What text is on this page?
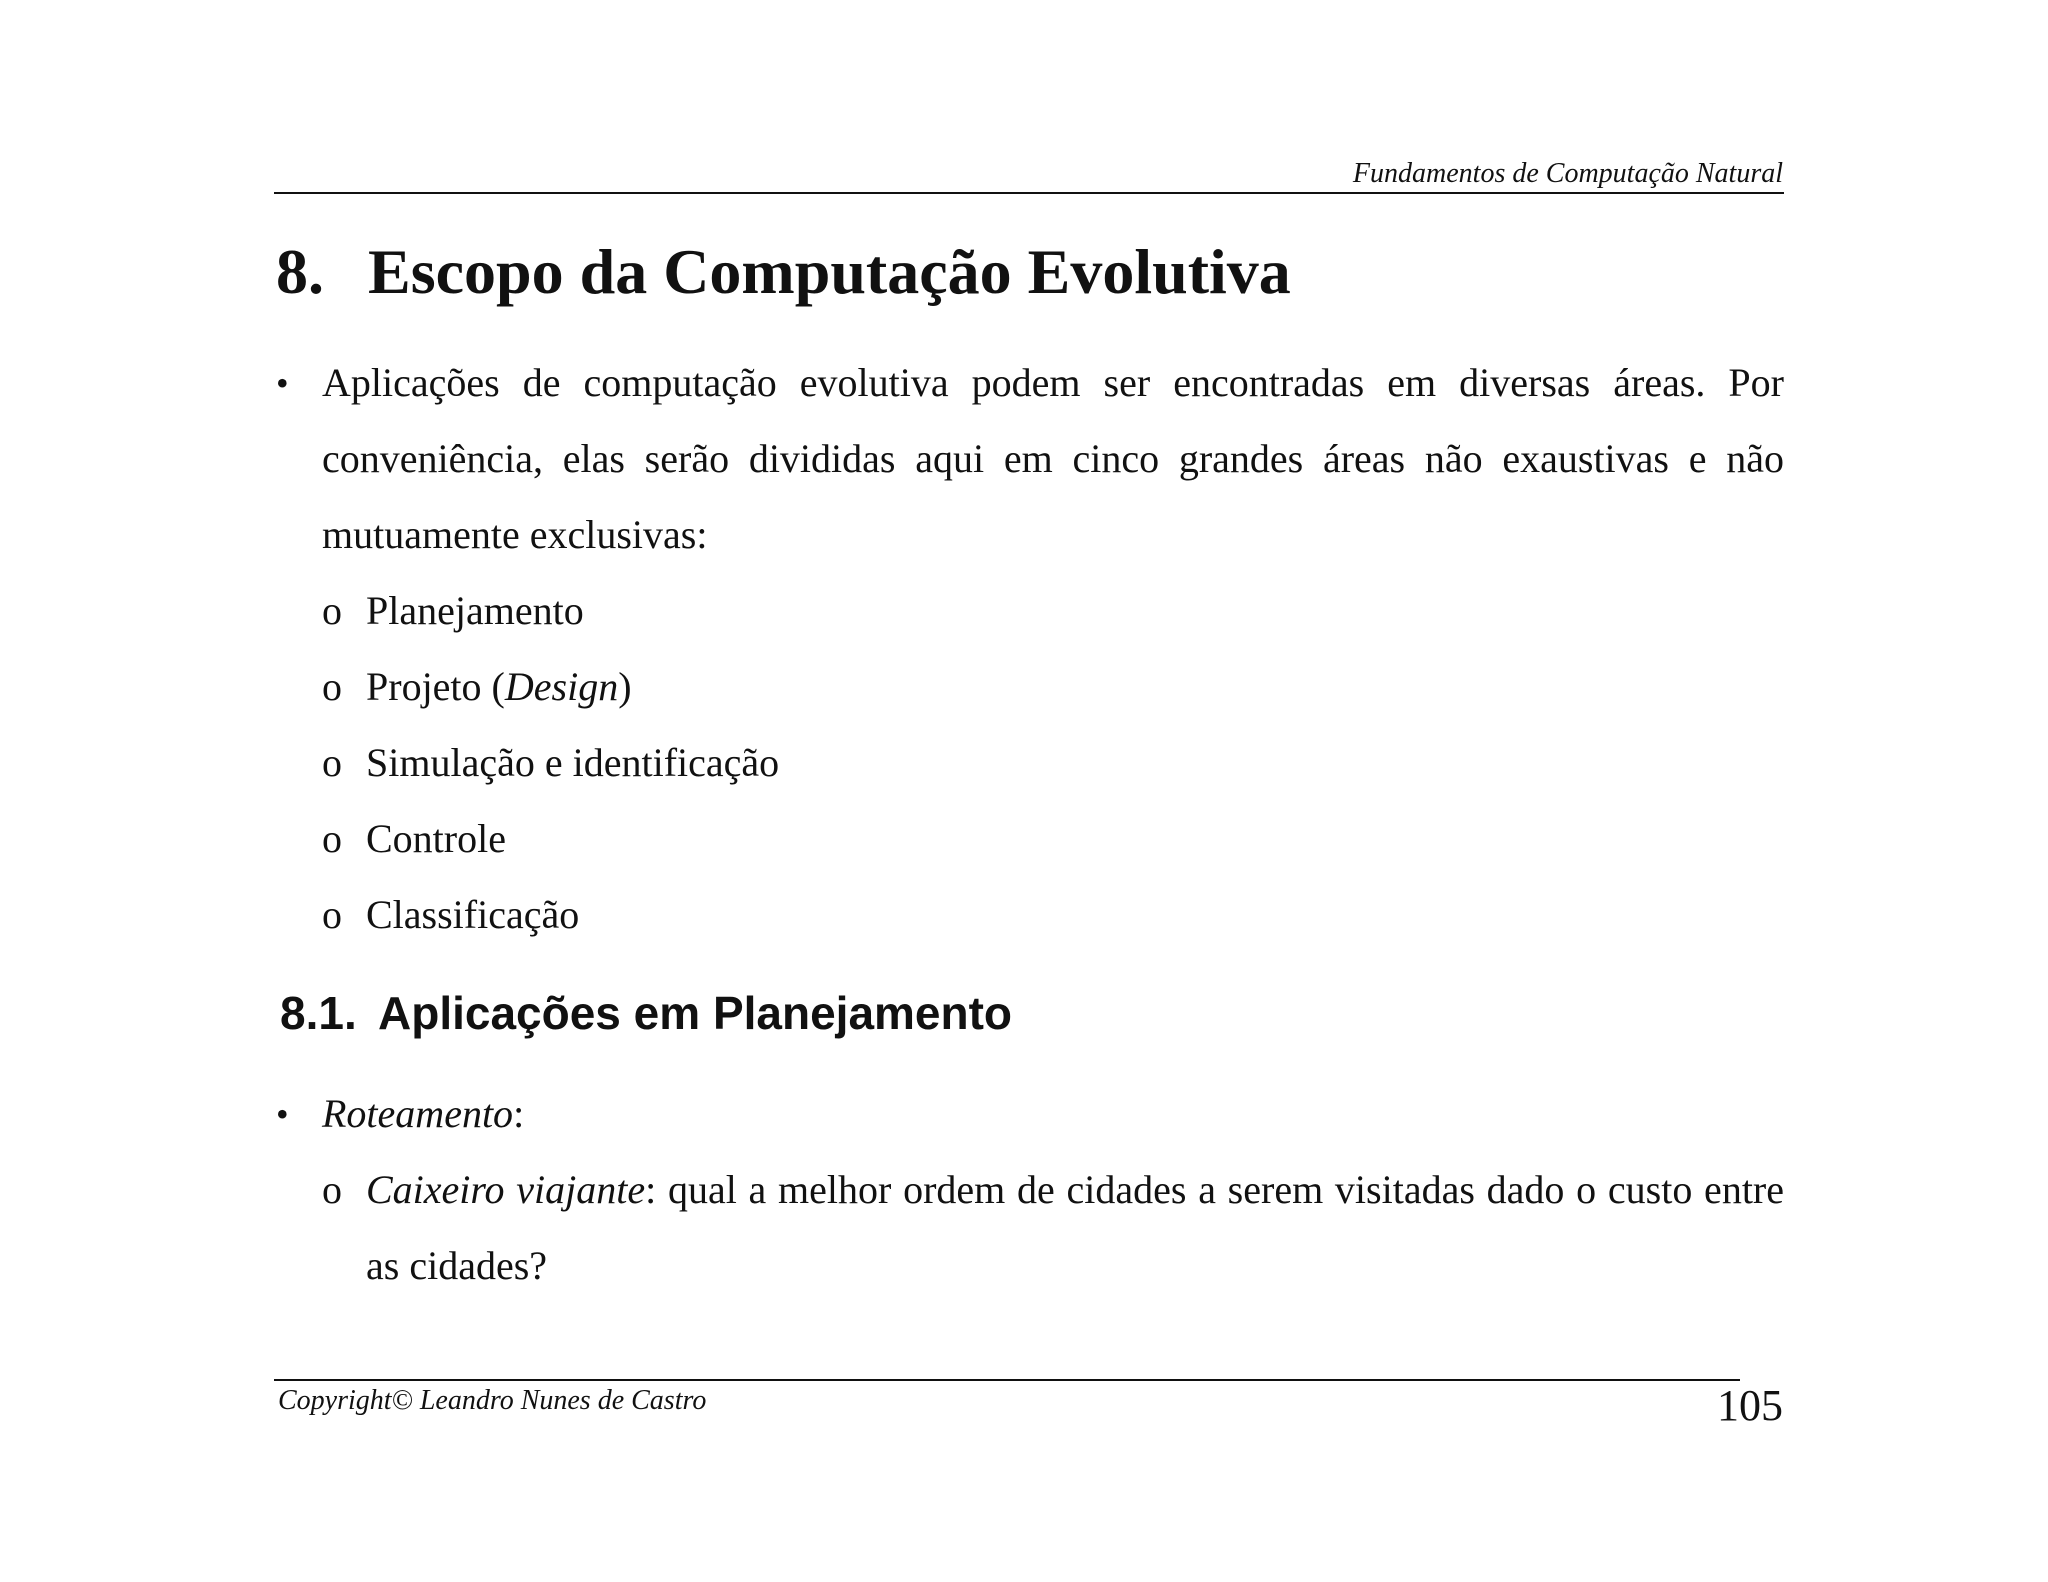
Fundamentos de Computação Natural
8. Escopo da Computação Evolutiva
• Aplicações de computação evolutiva podem ser encontradas em diversas áreas. Por conveniência, elas serão divididas aqui em cinco grandes áreas não exaustivas e não mutuamente exclusivas:
o Planejamento
o Projeto (Design)
o Simulação e identificação
o Controle
o Classificação
8.1. Aplicações em Planejamento
• Roteamento:
o Caixeiro viajante: qual a melhor ordem de cidades a serem visitadas dado o custo entre as cidades?
Copyright© Leandro Nunes de Castro	105
